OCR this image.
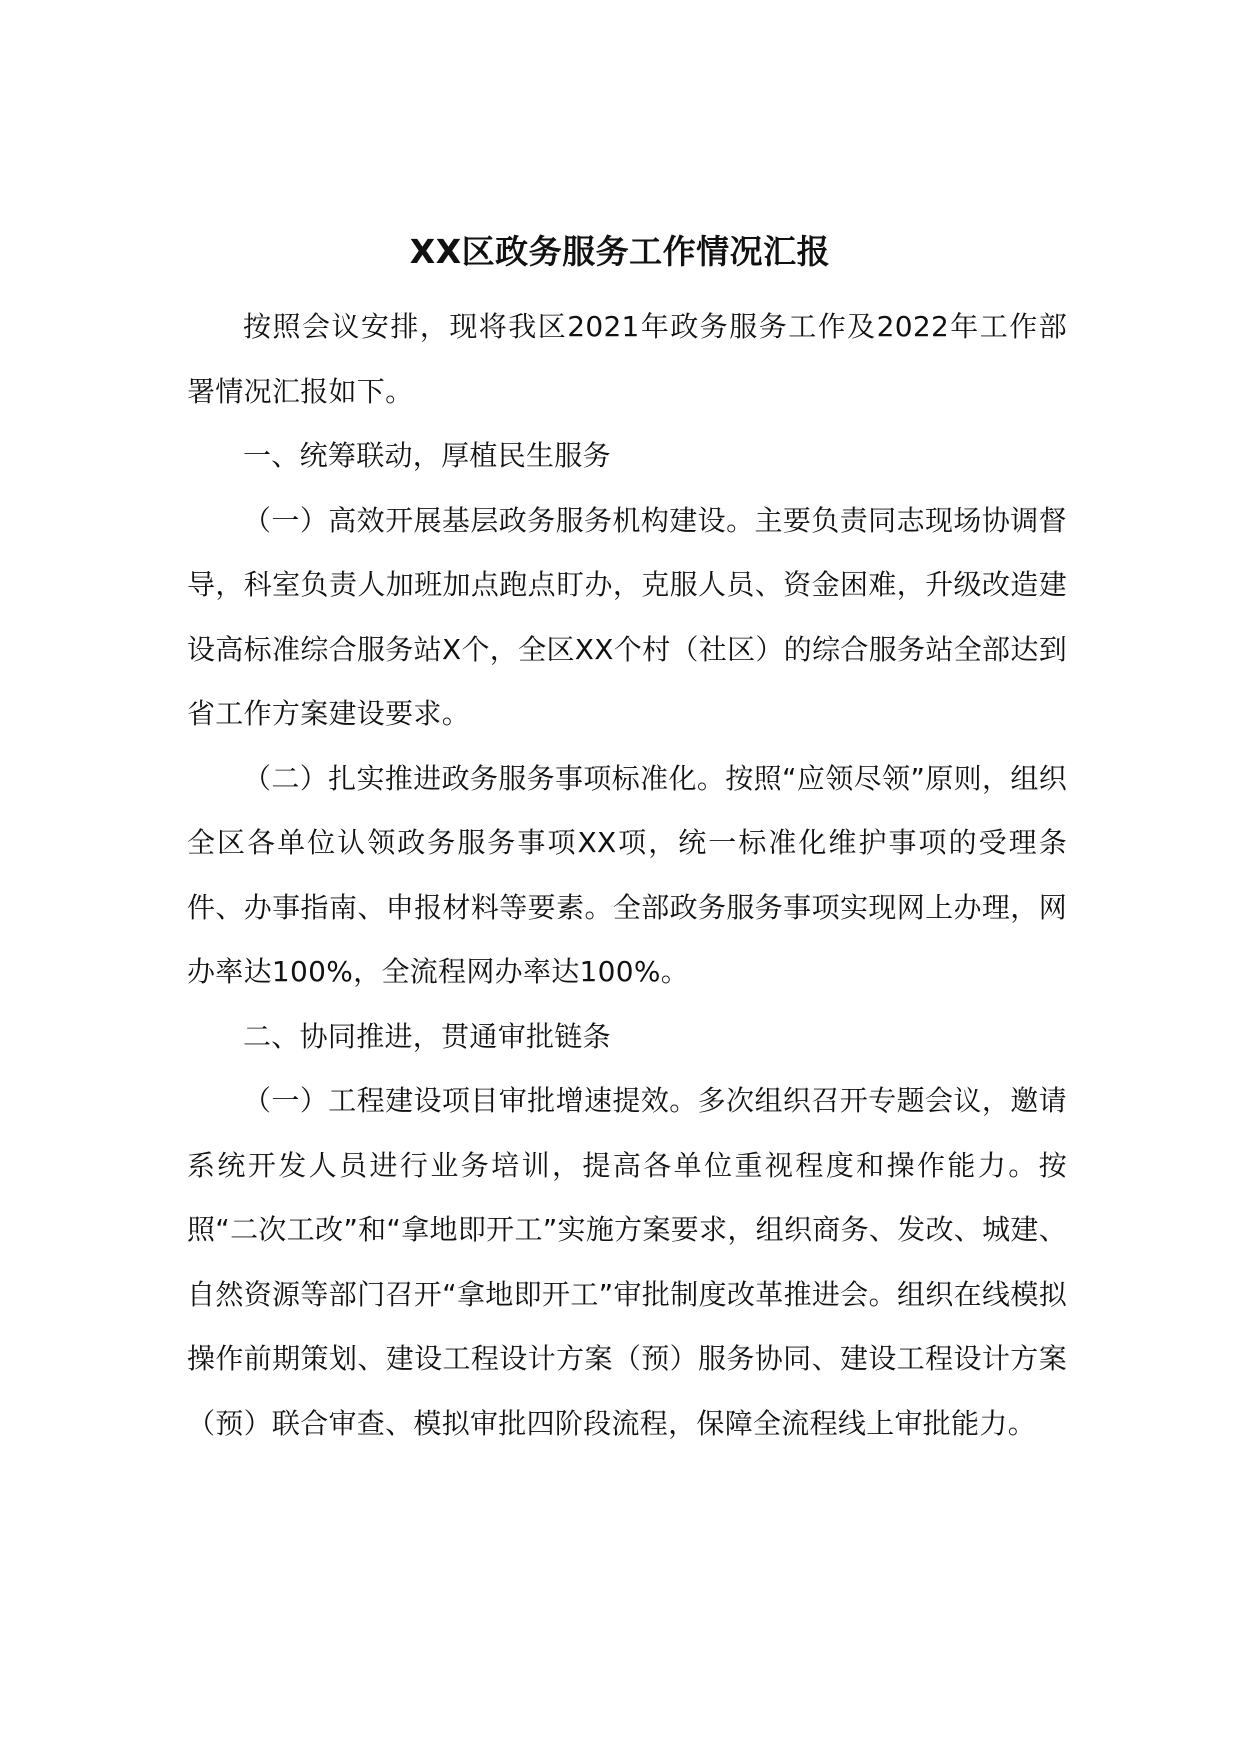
XX区政务服务工作情况汇报

按照会议安排，现将我区2021年政务服务工作及2022年工作部署情况汇报如下。

一、统筹联动，厚植民生服务

（一）高效开展基层政务服务机构建设。主要负责同志现场协调督导，科室负责人加班加点跑点盯办，克服人员、资金困难，升级改造建设高标准综合服务站X个，全区XX个村（社区）的综合服务站全部达到省工作方案建设要求。

（二）扎实推进政务服务事项标准化。按照“应领尽领”原则，组织全区各单位认领政务服务事项XX项，统一标准化维护事项的受理条件、办事指南、申报材料等要素。全部政务服务事项实现网上办理，网办率达100%，全流程网办率达100%。

二、协同推进，贯通审批链条

（一）工程建设项目审批增速提效。多次组织召开专题会议，邀请系统开发人员进行业务培训，提高各单位重视程度和操作能力。按照“二次工改”和“拿地即开工”实施方案要求，组织商务、发改、城建、自然资源等部门召开“拿地即开工”审批制度改革推进会。组织在线模拟操作前期策划、建设工程设计方案（预）服务协同、建设工程设计方案（预）联合审查、模拟审批四阶段流程，保障全流程线上审批能力。
